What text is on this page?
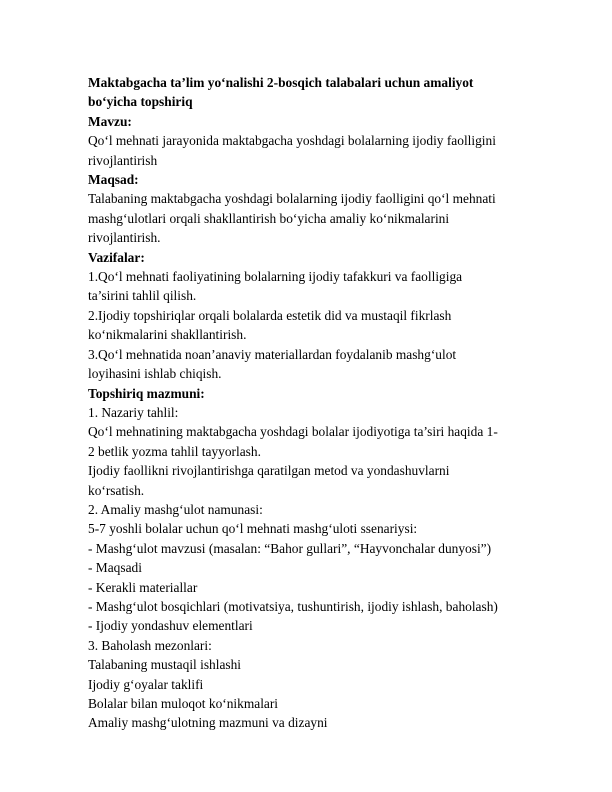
Maktabgacha ta’lim yo‘nalishi 2-bosqich talabalari uchun amaliyot
bo‘yicha topshiriq
Mavzu:
Qo‘l mehnati jarayonida maktabgacha yoshdagi bolalarning ijodiy faolligini
rivojlantirish
Maqsad:
Talabaning maktabgacha yoshdagi bolalarning ijodiy faolligini qo‘l mehnati
mashg‘ulotlari orqali shakllantirish bo‘yicha amaliy ko‘nikmalarini
rivojlantirish.
Vazifalar:
1.Qo‘l mehnati faoliyatining bolalarning ijodiy tafakkuri va faolligiga
ta’sirini tahlil qilish.
2.Ijodiy topshiriqlar orqali bolalarda estetik did va mustaqil fikrlash
ko‘nikmalarini shakllantirish.
3.Qo‘l mehnatida noan’anaviy materiallardan foydalanib mashg‘ulot
loyihasini ishlab chiqish.
Topshiriq mazmuni:
1. Nazariy tahlil:
Qo‘l mehnatining maktabgacha yoshdagi bolalar ijodiyotiga ta’siri haqida 1-
2 betlik yozma tahlil tayyorlash.
Ijodiy faollikni rivojlantirishga qaratilgan metod va yondashuvlarni
ko‘rsatish.
2. Amaliy mashg‘ulot namunasi:
5-7 yoshli bolalar uchun qo‘l mehnati mashg‘uloti ssenariysi:
- Mashg‘ulot mavzusi (masalan: “Bahor gullari”, “Hayvonchalar dunyosi”)
- Maqsadi
- Kerakli materiallar
- Mashg‘ulot bosqichlari (motivatsiya, tushuntirish, ijodiy ishlash, baholash)
- Ijodiy yondashuv elementlari
3. Baholash mezonlari:
Talabaning mustaqil ishlashi
Ijodiy g‘oyalar taklifi
Bolalar bilan muloqot ko‘nikmalari
Amaliy mashg‘ulotning mazmuni va dizayni
